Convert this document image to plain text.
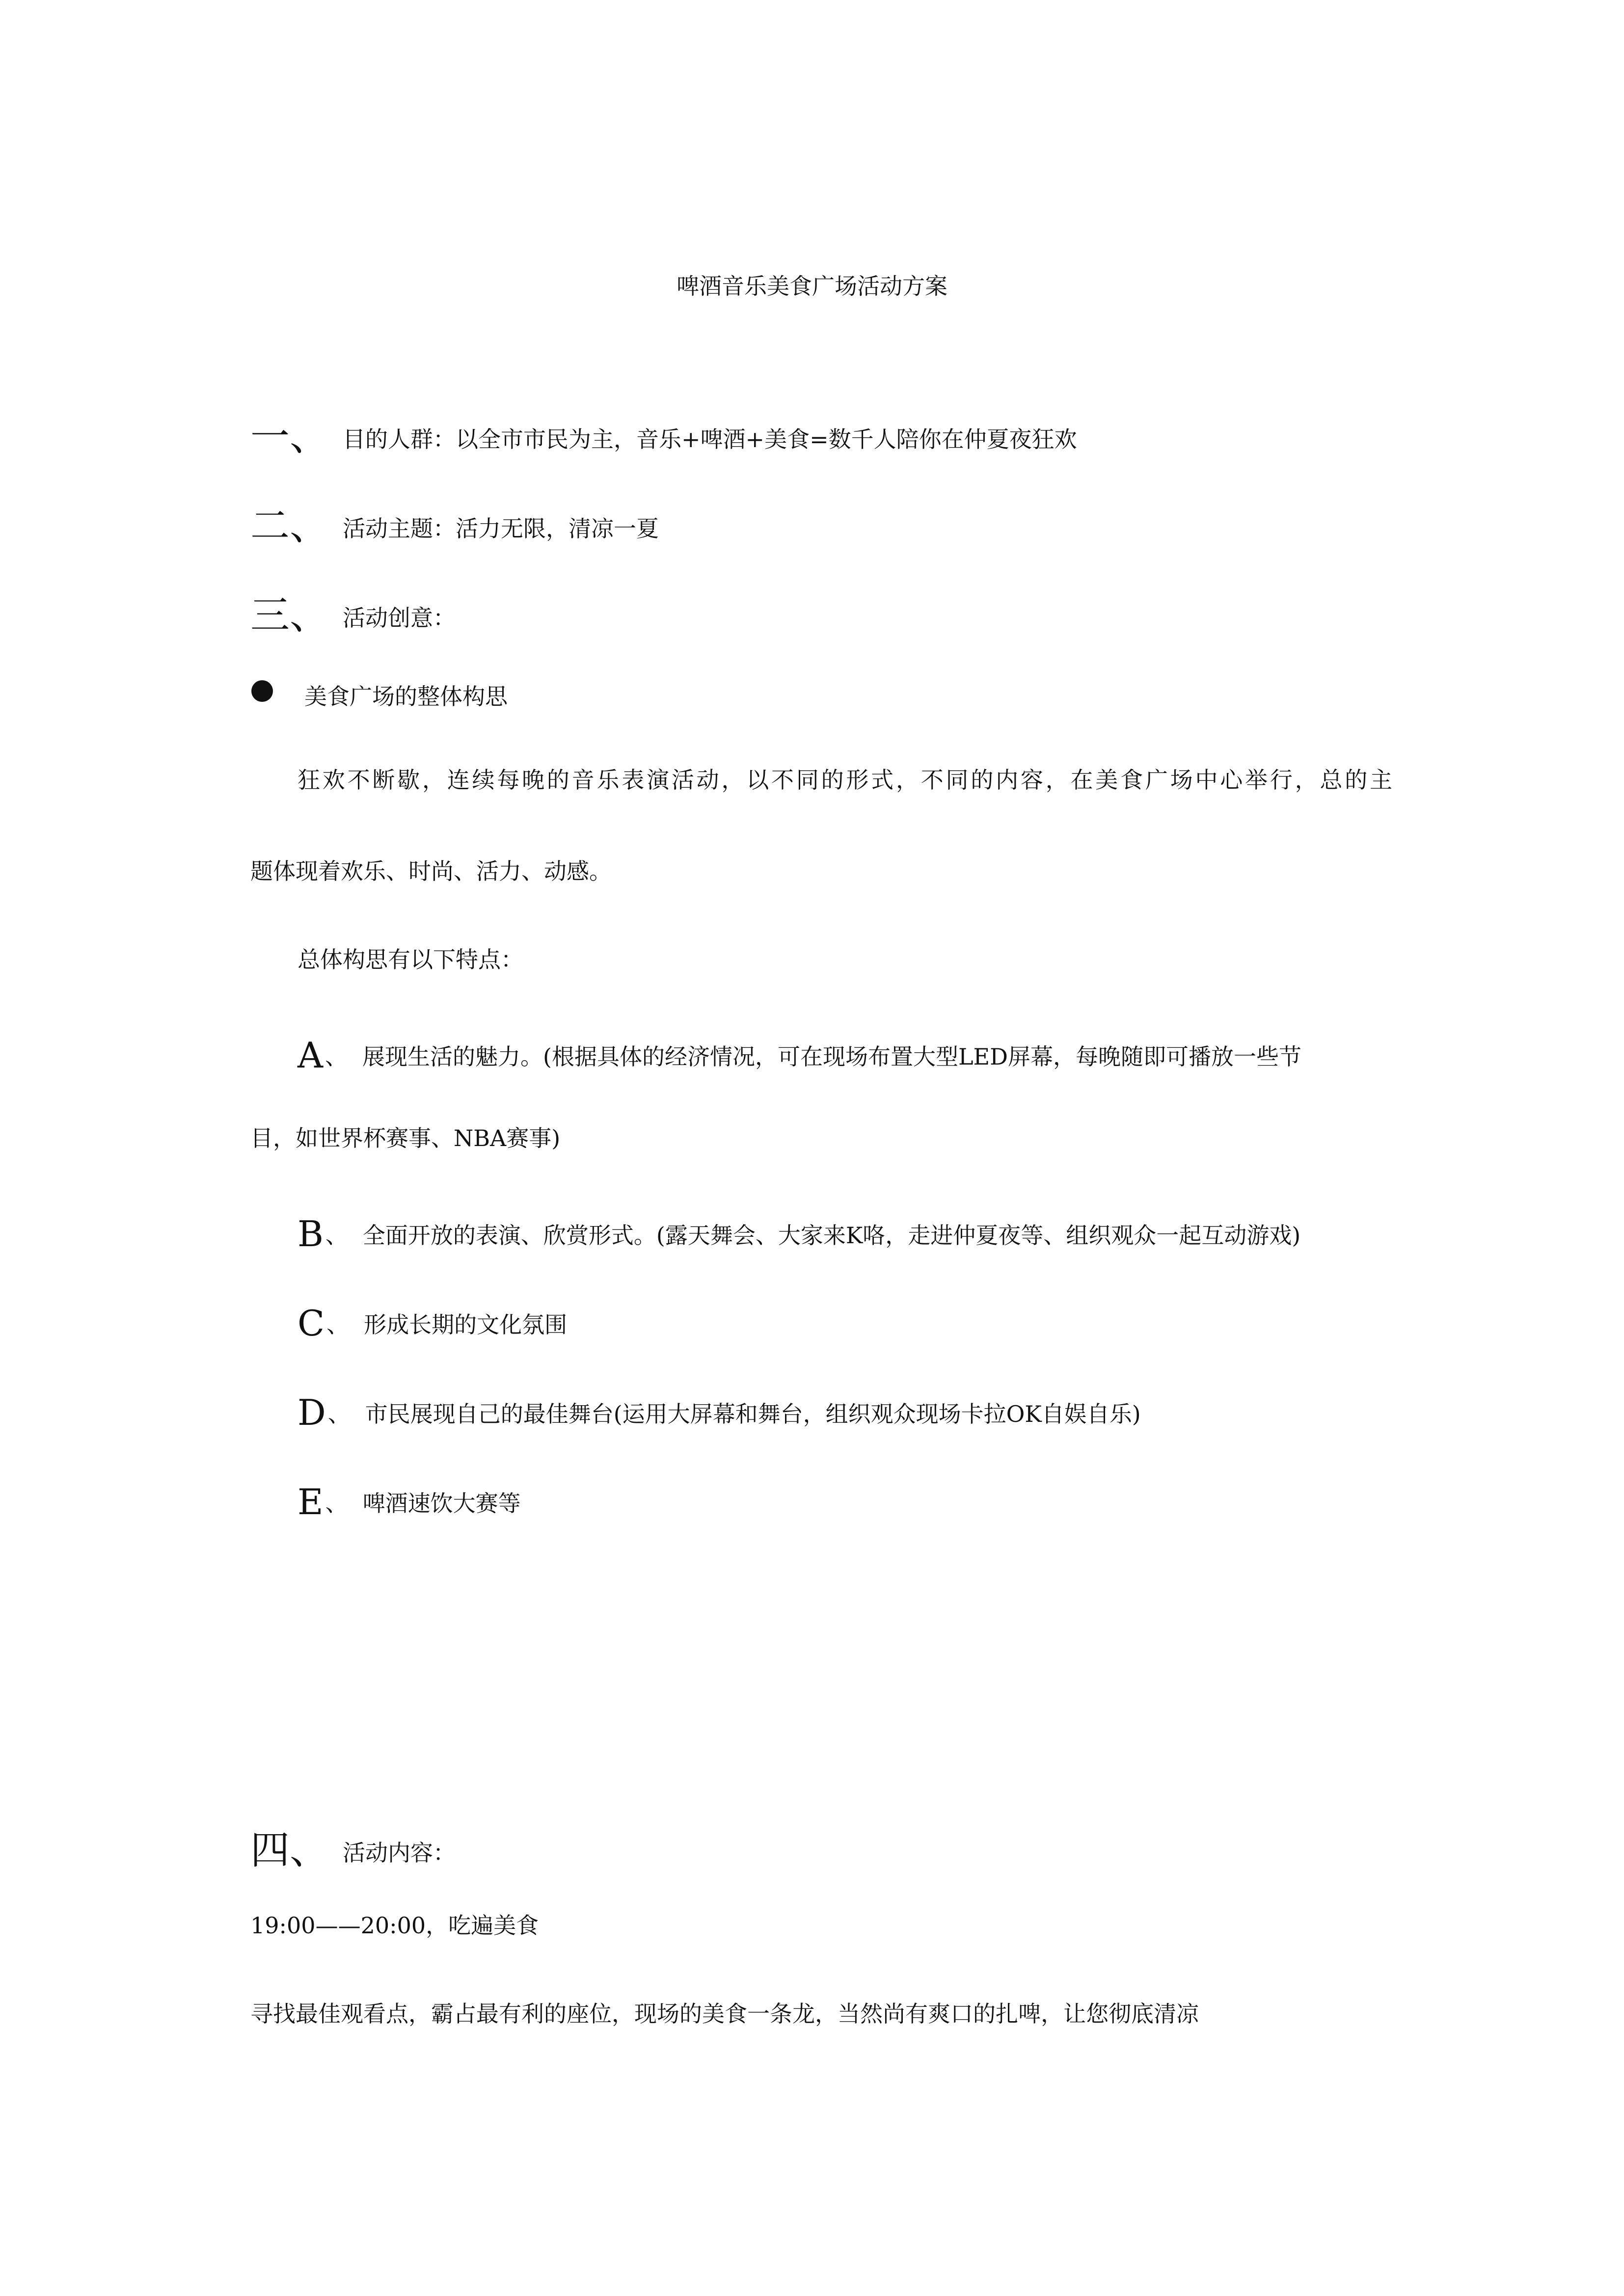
啤酒音乐美食广场活动方案
一、 目的人群：以全市市民为主，音乐+啤酒+美食=数千人陪你在仲夏夜狂欢
二、 活动主题：活力无限，清凉一夏
三、 活动创意：
美食广场的整体构思
狂欢不断歇，连续每晚的音乐表演活动，以不同的形式，不同的内容，在美食广场中心举行，总的主
题体现着欢乐、时尚、活力、动感。
总体构思有以下特点：
A、 展现生活的魅力。(根据具体的经济情况，可在现场布置大型LED屏幕，每晚随即可播放一些节
目，如世界杯赛事、NBA赛事)
B、 全面开放的表演、欣赏形式。(露天舞会、大家来K咯，走进仲夏夜等、组织观众一起互动游戏)
C、 形成长期的文化氛围
D、 市民展现自己的最佳舞台(运用大屏幕和舞台，组织观众现场卡拉OK自娱自乐)
E、 啤酒速饮大赛等
四、 活动内容：
19:00——20:00，吃遍美食
寻找最佳观看点，霸占最有利的座位，现场的美食一条龙，当然尚有爽口的扎啤，让您彻底清凉
